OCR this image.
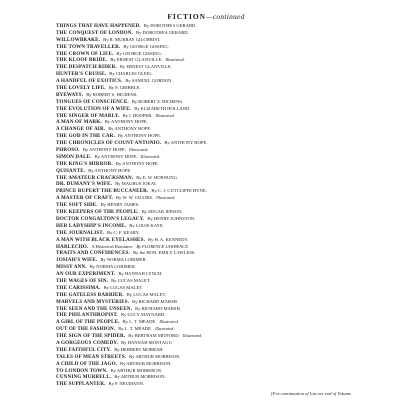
FICTION—continued
THINGS THAT HAVE HAPPENED. By DOROTHEA GERARD.
THE CONQUEST OF LONDON. By DOROTHEA GERARD.
WILLOWBRAKE. By R. MURRAY GILCHRIST.
THE TOWN TRAVELLER. By GEORGE GISSING.
THE CROWN OF LIFE. By GEORGE GISSING.
THE KLOOF BRIDE. By ERNEST GLANVILLE. Illustrated.
THE DESPATCH RIDER. By ERNEST GLANVILLE.
HUNTER'S CRUISE. By CHARLES GLEIG.
A HANDFUL OF EXOTICS. By SAMUEL GORDON.
THE LOVELY LIFE. By F. GRIBBLE.
BYEWAYS. By ROBERT S. HICHENS.
TONGUES OF CONSCIENCE. By ROBERT S. HICHENS.
THE EVOLUTION OF A WIFE. By ELIZABETH HOLLAND.
THE SINGER OF MARLY. By I. HOOPER. Illustrated.
A MAN OF MARK. By ANTHONY HOPE.
A CHANGE OF AIR. By ANTHONY HOPE.
THE GOD IN THE CAR. By ANTHONY HOPE.
THE CHRONICLES OF COUNT ANTONIO. By ANTHONY HOPE.
PHROSO. By ANTHONY HOPE. Illustrated.
SIMON DALE. By ANTHONY HOPE. Illustrated.
THE KING'S MIRROR. By ANTHONY HOPE.
QUISANTE. By ANTHONY HOPE.
THE AMATEUR CRACKSMAN. By E. W. HORNUNG.
DR. DUMANY'S WIFE. By MAURUS JOKAI.
PRINCE RUPERT THE BUCCANEER. By C. J. CUTCLIFFE HYNE.
A MASTER OF CRAFT. By W. W. JACOBS. Illustrated.
THE SOFT SIDE. By HENRY JAMES.
THE KEEPERS OF THE PEOPLE. By EDGAR JEPSON.
DOCTOR CONGALTON'S LEGACY. By HENRY JOHNSTON.
HER LADYSHIP'S INCOME. By LOUIS KAYE.
THE JOURNALIST. By C. F. KEARY.
A MAN WITH BLACK EYELASHES. By H. A. KENNEDY.
HARLECHO. A Historical Romance. By FLORENCE LAWRENCE.
TRAITS AND CONFIDENCES. By the HON. EMILY LAWLESS.
JOSIAH'S WIFE. By NORMA LORIMER.
MISSY ANN. By NORMA LORIMER.
AN OUR EXPERIMENT. By HANNAH LYNCH.
THE WAGES OF SIN. By LUCAS MALET.
THE CARISSIMA. By LUCAS MALET.
THE GATELESS BARRIER. By LUCAS MALET.
MARVELS AND MYSTERIES. By RICHARD MARSH.
THE SEEN AND THE UNSEEN. By RICHARD MARSH.
THE PHILANTHROPIST. By LUCY MAYNARD.
A GIRL OF THE PEOPLE. By L. T. MEADE. Illustrated.
OUT OF THE FASHION. By L. T. MEADE. Illustrated.
THE SIGN OF THE SPIDER. By BERTRAM MITFORD. Illustrated.
A GORGEOUS COMEDY. By HANNAH MONTAGU.
THE FAITHFUL CITY. By HERBERT MORRAH.
TALES OF MEAN STREETS. By ARTHUR MORRISON.
A CHILD OF THE JAGO. By ARTHUR MORRISON.
TO LONDON TOWN. By ARTHUR MORRISON.
CUNNING MURRELL. By ARTHUR MORRISON.
THE SUPPLANTER. By P. NEUMANN.
[For continuation of List see end of Volume.
